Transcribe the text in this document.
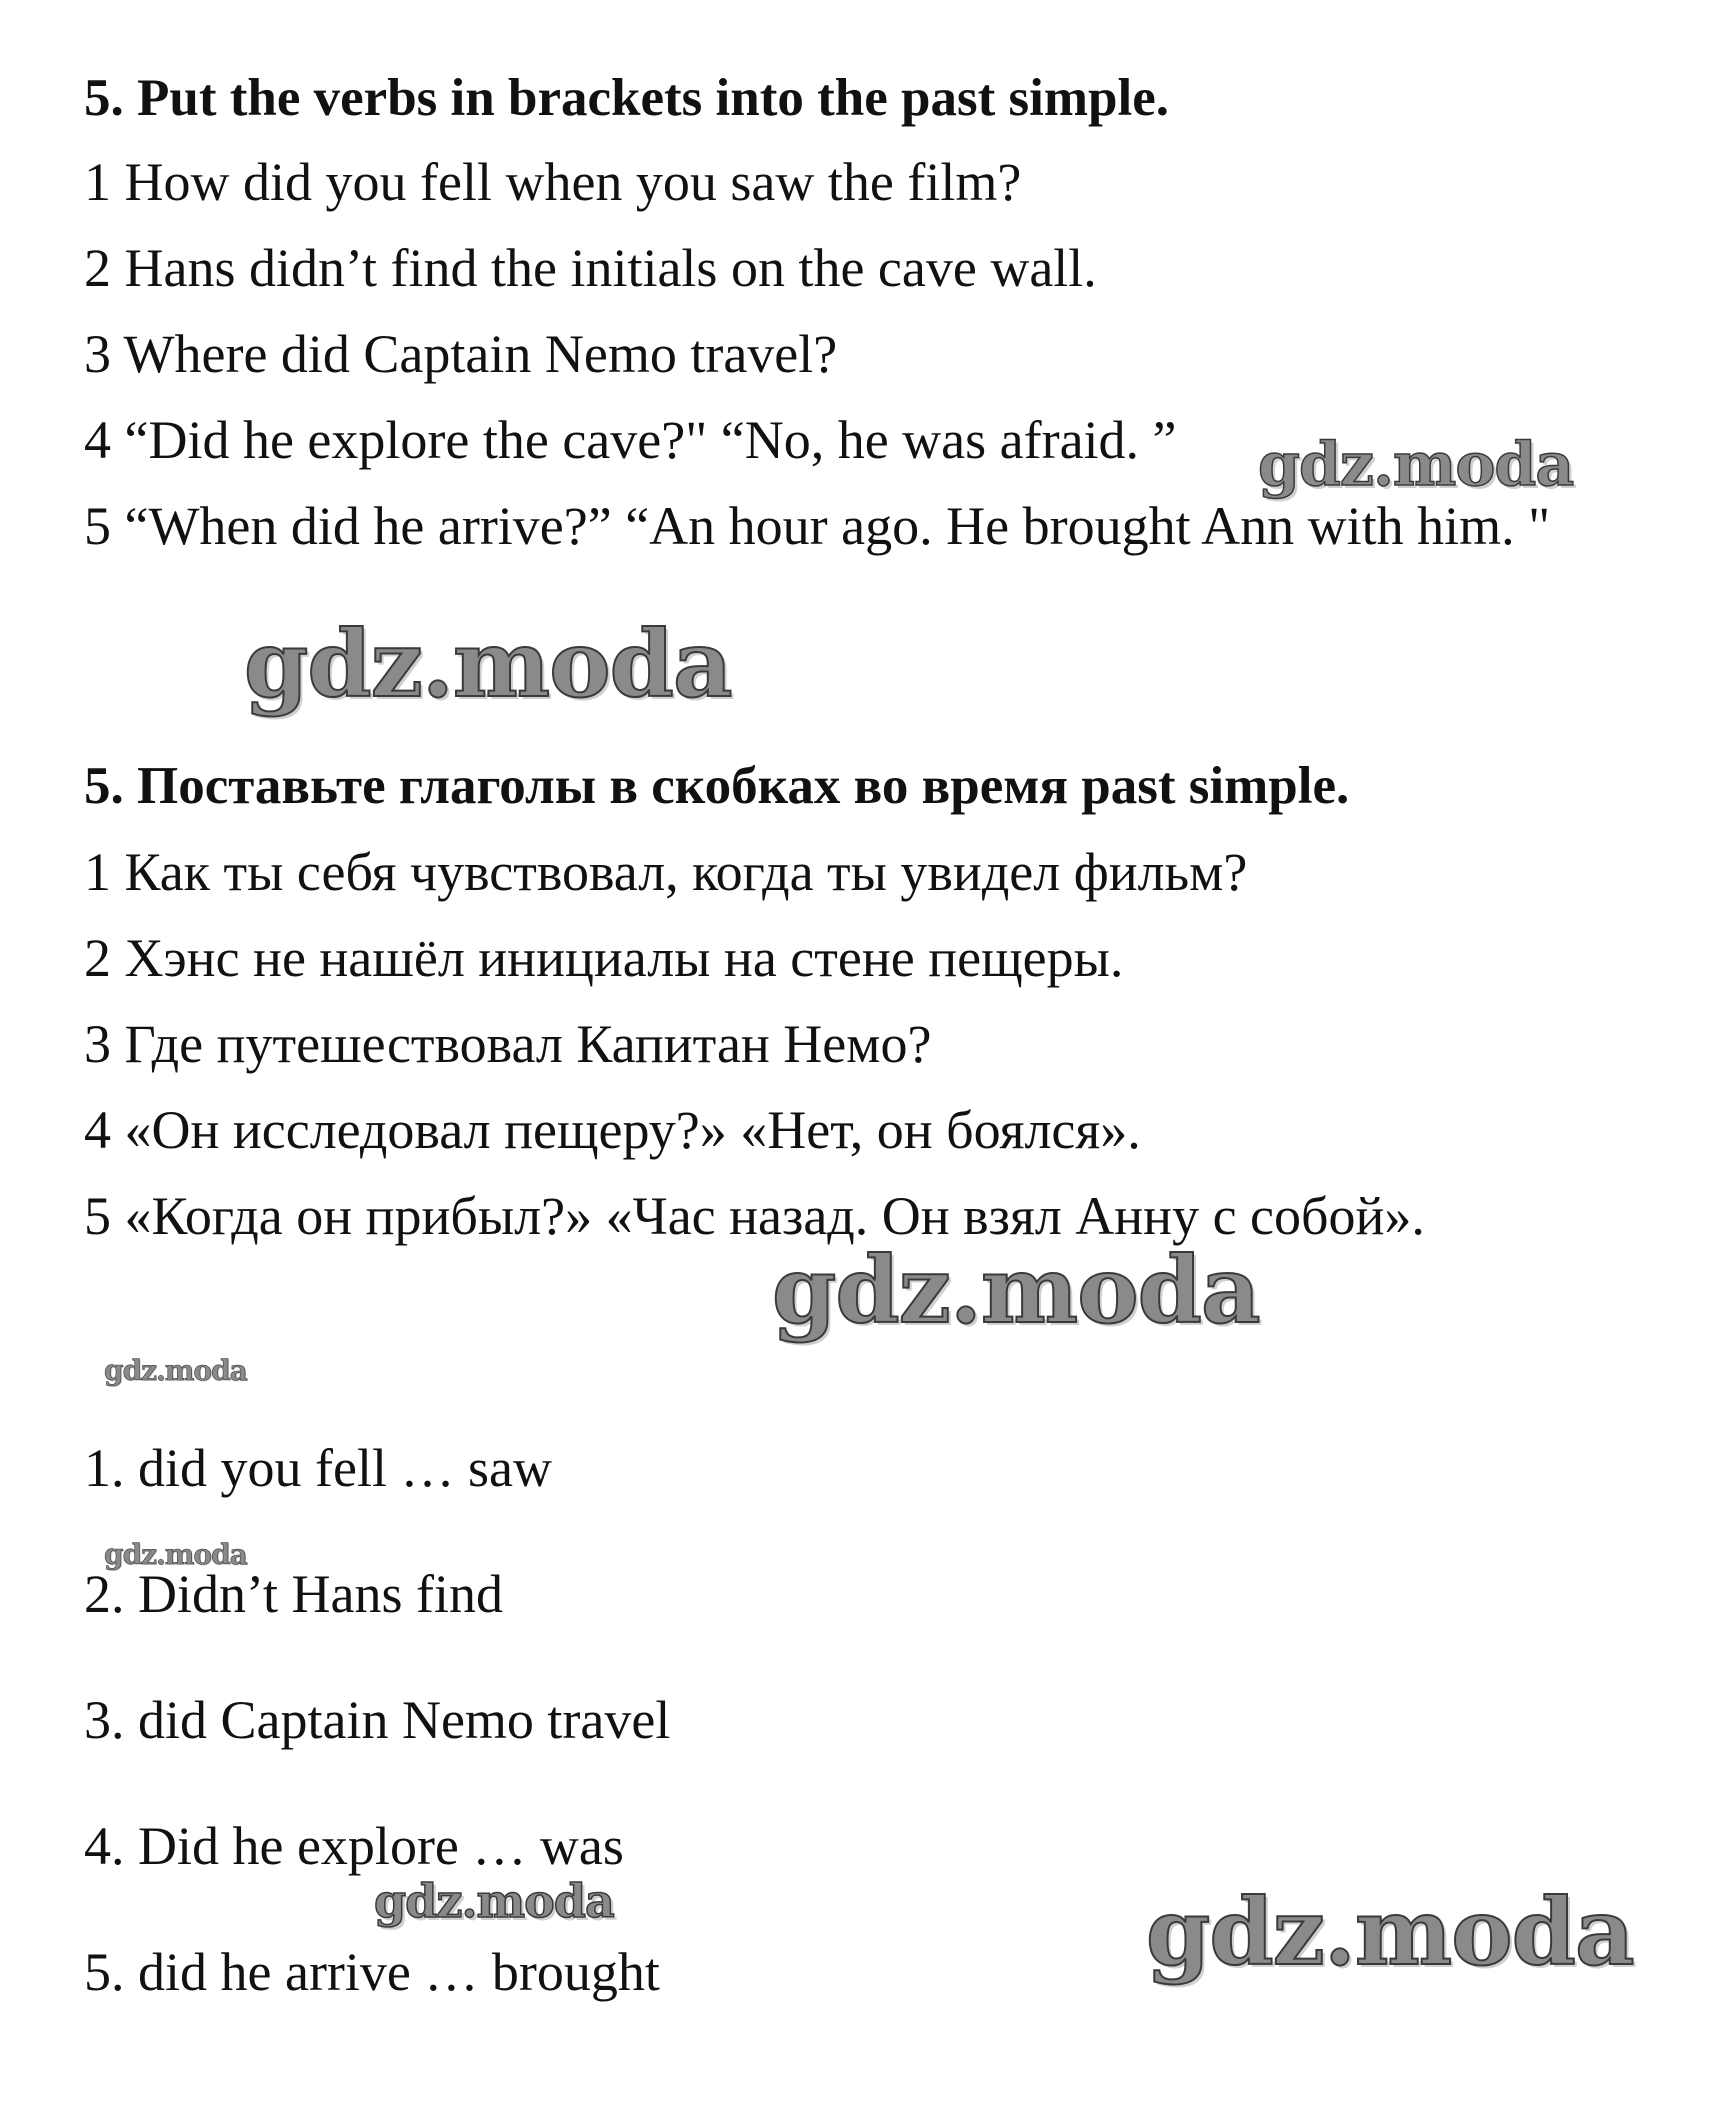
5. Put the verbs in brackets into the past simple.

1 How did you fell when you saw the film?

2 Hans didn’t find the initials on the cave wall.

3 Where did Captain Nemo travel?

4 “Did he explore the cave?" “No, he was afraid. ”

5 “When did he arrive?” “An hour ago. He brought Ann with him. "

5. Поставьте глаголы в скобках во время past simple.

1 Как ты себя чувствовал, когда ты увидел фильм?

2 Хэнс не нашёл инициалы на стене пещеры.

3 Где путешествовал Капитан Немо?

4 «Он исследовал пещеру?» «Нет, он боялся».

5 «Когда он прибыл?» «Час назад. Он взял Анну с собой».

1. did you fell … saw

2. Didn’t Hans find

3. did Captain Nemo travel

4. Did he explore … was

5. did he arrive … brought

gdz.moda
gdz.moda
gdz.moda
gdz.moda
gdz.moda
gdz.moda	gdz.moda
